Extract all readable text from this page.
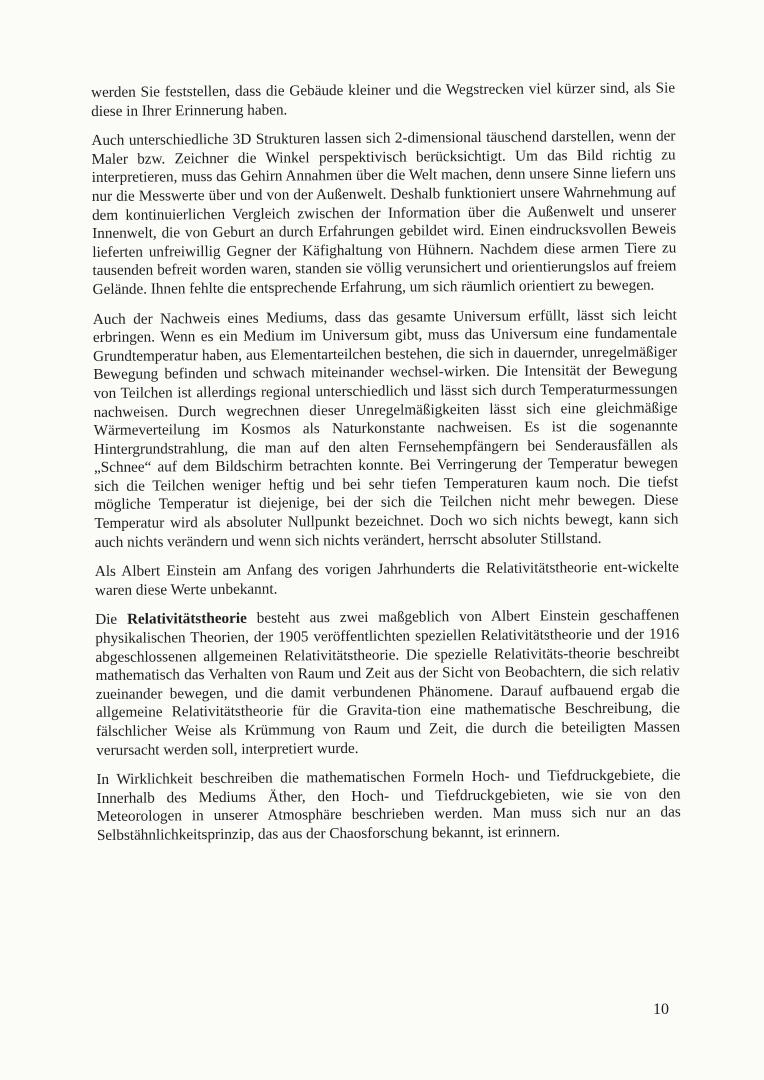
werden Sie feststellen, dass die Gebäude kleiner und die Wegstrecken viel kürzer sind, als Sie diese in Ihrer Erinnerung haben.

Auch unterschiedliche 3D Strukturen lassen sich 2-dimensional täuschend darstellen, wenn der Maler bzw. Zeichner die Winkel perspektivisch berücksichtigt. Um das Bild richtig zu interpretieren, muss das Gehirn Annahmen über die Welt machen, denn unsere Sinne liefern uns nur die Messwerte über und von der Außenwelt. Deshalb funktioniert unsere Wahrnehmung auf dem kontinuierlichen Vergleich zwischen der Information über die Außenwelt und unserer Innenwelt, die von Geburt an durch Erfahrungen gebildet wird. Einen eindrucksvollen Beweis lieferten unfreiwillig Gegner der Käfighaltung von Hühnern. Nachdem diese armen Tiere zu tausenden befreit worden waren, standen sie völlig verunsichert und orientierungslos auf freiem Gelände. Ihnen fehlte die entsprechende Erfahrung, um sich räumlich orientiert zu bewegen.

Auch der Nachweis eines Mediums, dass das gesamte Universum erfüllt, lässt sich leicht erbringen. Wenn es ein Medium im Universum gibt, muss das Universum eine fundamentale Grundtemperatur haben, aus Elementarteilchen bestehen, die sich in dauernder, unregelmäßiger Bewegung befinden und schwach miteinander wechsel-wirken. Die Intensität der Bewegung von Teilchen ist allerdings regional unterschiedlich und lässt sich durch Temperaturmessungen nachweisen. Durch wegrechnen dieser Unregelmäßigkeiten lässt sich eine gleichmäßige Wärmeverteilung im Kosmos als Naturkonstante nachweisen. Es ist die sogenannte Hintergrundstrahlung, die man auf den alten Fernsehempfängern bei Senderausfällen als „Schnee“ auf dem Bildschirm betrachten konnte. Bei Verringerung der Temperatur bewegen sich die Teilchen weniger heftig und bei sehr tiefen Temperaturen kaum noch. Die tiefst mögliche Temperatur ist diejenige, bei der sich die Teilchen nicht mehr bewegen. Diese Temperatur wird als absoluter Nullpunkt bezeichnet. Doch wo sich nichts bewegt, kann sich auch nichts verändern und wenn sich nichts verändert, herrscht absoluter Stillstand.

Als Albert Einstein am Anfang des vorigen Jahrhunderts die Relativitätstheorie ent-wickelte waren diese Werte unbekannt.

Die Relativitätstheorie besteht aus zwei maßgeblich von Albert Einstein geschaffenen physikalischen Theorien, der 1905 veröffentlichten speziellen Relativitätstheorie und der 1916 abgeschlossenen allgemeinen Relativitätstheorie. Die spezielle Relativitäts-theorie beschreibt mathematisch das Verhalten von Raum und Zeit aus der Sicht von Beobachtern, die sich relativ zueinander bewegen, und die damit verbundenen Phänomene. Darauf aufbauend ergab die allgemeine Relativitätstheorie für die Gravita-tion eine mathematische Beschreibung, die fälschlicher Weise als Krümmung von Raum und Zeit, die durch die beteiligten Massen verursacht werden soll, interpretiert wurde.

In Wirklichkeit beschreiben die mathematischen Formeln Hoch- und Tiefdruckgebiete, die Innerhalb des Mediums Äther, den Hoch- und Tiefdruckgebieten, wie sie von den Meteorologen in unserer Atmosphäre beschrieben werden. Man muss sich nur an das Selbstähnlichkeitsprinzip, das aus der Chaosforschung bekannt, ist erinnern.

10
